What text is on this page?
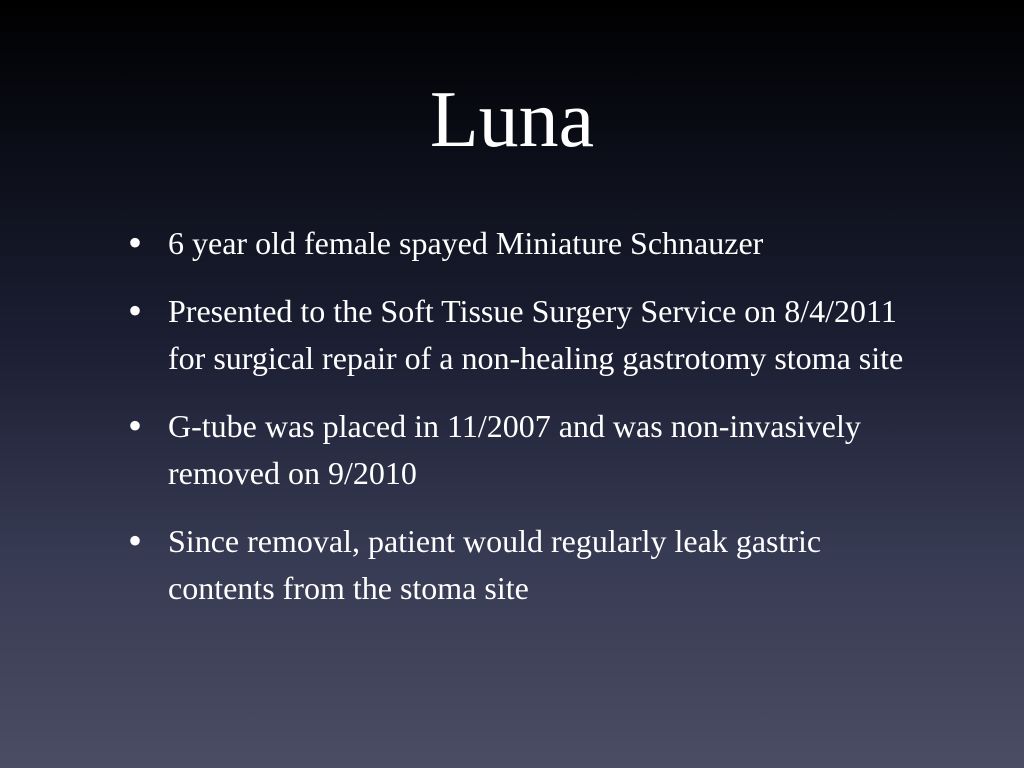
Luna
• 6 year old female spayed Miniature Schnauzer
• Presented to the Soft Tissue Surgery Service on 8/4/2011 for surgical repair of a non-healing gastrotomy stoma site
• G-tube was placed in 11/2007 and was non-invasively removed on 9/2010
• Since removal, patient would regularly leak gastric contents from the stoma site
